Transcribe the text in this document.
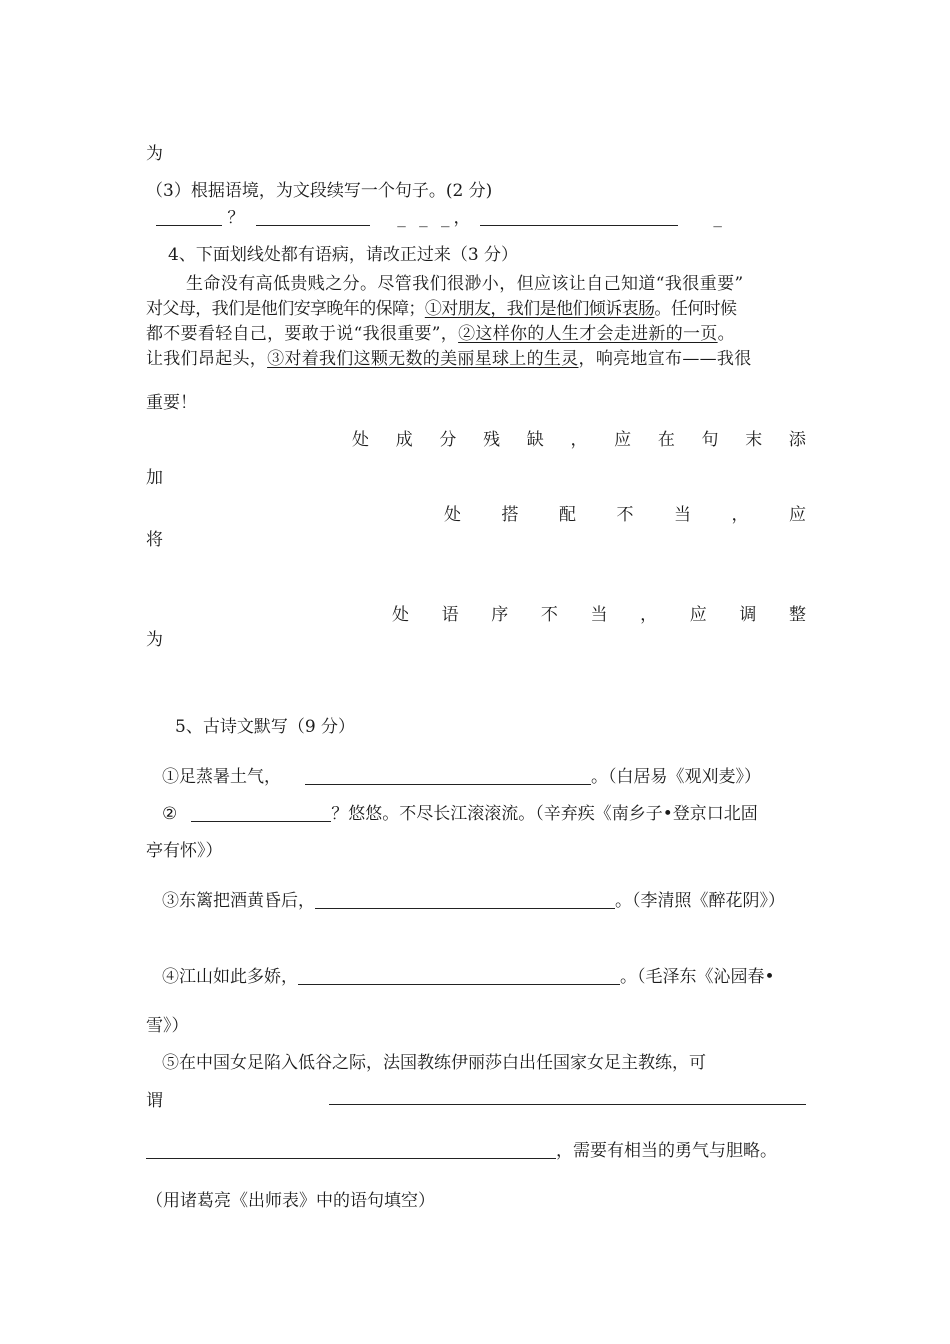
为
（3）根据语境，为文段续写一个句子。(2 分)
？	_ _ _，	_
4、下面划线处都有语病，请改正过来（3 分）
生命没有高低贵贱之分。尽管我们很渺小，但应该让自己知道“我很重要”
对父母，我们是他们安享晚年的保障；①对朋友，我们是他们倾诉衷肠。任何时候
都不要看轻自己，要敢于说“我很重要”，②这样你的人生才会走进新的一页。
让我们昂起头，③对着我们这颗无数的美丽星球上的生灵，响亮地宣布——我很
重要！
处 成 分 残 缺 ， 应 在 句 末 添
加
处 搭 配 不 当 ， 应
将
处 语 序 不 当 ， 应 调 整
为
5、古诗文默写（9 分）
①足蒸暑土气，	。（白居易《观刈麦》）
②	？悠悠。不尽长江滚滚流。（辛弃疾《南乡子•登京口北固
亭有怀》）
③东篱把酒黄昏后，	。（李清照《醉花阴》）
④江山如此多娇，	。（毛泽东《沁园春•
雪》）
⑤在中国女足陷入低谷之际，法国教练伊丽莎白出任国家女足主教练，可
谓
，需要有相当的勇气与胆略。
（用诸葛亮《出师表》中的语句填空）
